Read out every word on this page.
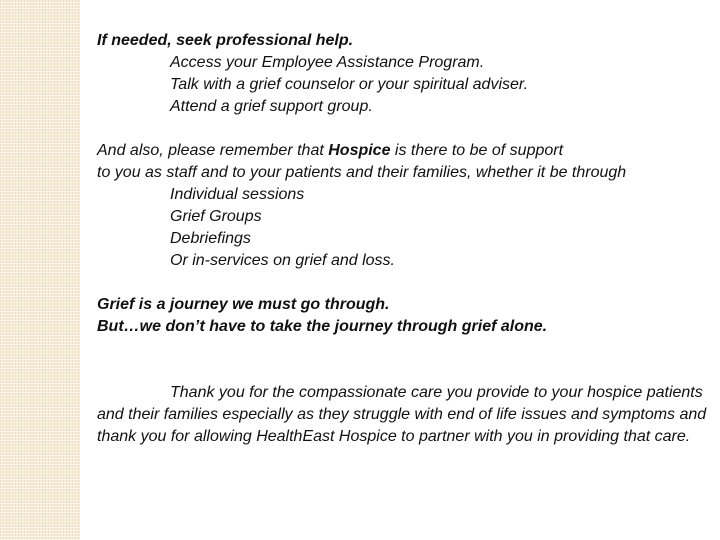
If needed, seek professional help.
Access your Employee Assistance Program.
Talk with a grief counselor or your spiritual adviser.
Attend a grief support group.
And also, please remember that Hospice is there to be of support
to you as staff and to your patients and their families, whether it be through
Individual sessions
Grief Groups
Debriefings
Or in-services on grief and loss.
Grief is a journey we must go through.
But…we don’t have to take the journey through grief alone.
Thank you for the compassionate care you provide to your hospice patients and their families especially as they struggle with end of life issues and symptoms and thank you for allowing HealthEast Hospice to partner with you in providing that care.
